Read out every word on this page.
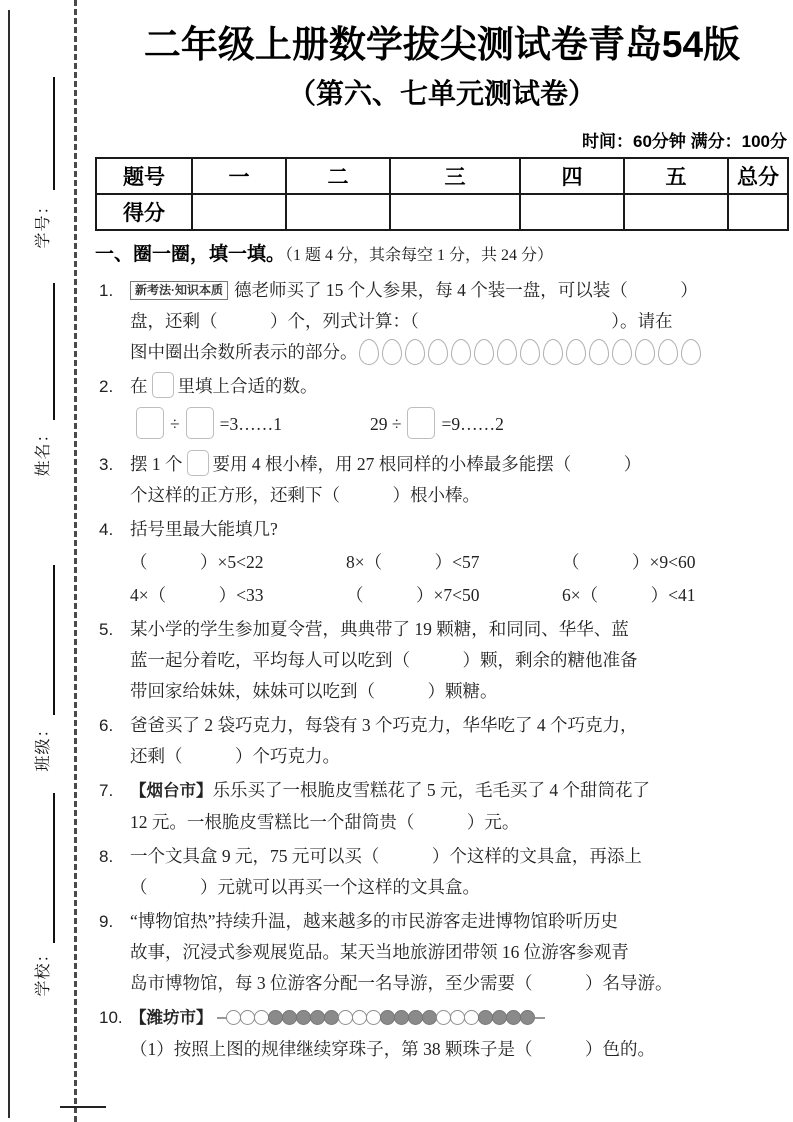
学号：
姓名：
班级：
学校：
二年级上册数学拔尖测试卷青岛54版
（第六、七单元测试卷）
时间：60分钟 满分：100分
题号	一	二	三	四	五	总分
得分						
一、圈一圈，填一填。（1 题 4 分，其余每空 1 分，共 24 分）
1. 新考法·知识本质 德老师买了 15 个人参果，每 4 个装一盘，可以装（　　　）
盘，还剩（　　　）个，列式计算：（　　　　　　　　　　　）。请在
图中圈出余数所表示的部分。
2. 在 里填上合适的数。
÷ =3……1	29 ÷ =9……2
3. 摆 1 个 要用 4 根小棒，用 27 根同样的小棒最多能摆（　　　）
个这样的正方形，还剩下（　　　）根小棒。
4. 括号里最大能填几?
（　　　）×5<22	8×（　　　）<57	（　　　）×9<60
4×（　　　）<33	（　　　）×7<50	6×（　　　）<41
5. 某小学的学生参加夏令营，典典带了 19 颗糖，和同同、华华、蓝
蓝一起分着吃，平均每人可以吃到（　　　）颗，剩余的糖他准备
带回家给妹妹，妹妹可以吃到（　　　）颗糖。
6. 爸爸买了 2 袋巧克力，每袋有 3 个巧克力，华华吃了 4 个巧克力，
还剩（　　　）个巧克力。
7. 【烟台市】乐乐买了一根脆皮雪糕花了 5 元，毛毛买了 4 个甜筒花了
12 元。一根脆皮雪糕比一个甜筒贵（　　　）元。
8. 一个文具盒 9 元，75 元可以买（　　　）个这样的文具盒，再添上
（　　　）元就可以再买一个这样的文具盒。
9. “博物馆热”持续升温，越来越多的市民游客走进博物馆聆听历史
故事，沉浸式参观展览品。某天当地旅游团带领 16 位游客参观青
岛市博物馆，每 3 位游客分配一名导游，至少需要（　　　）名导游。
10. 【潍坊市】
（1）按照上图的规律继续穿珠子，第 38 颗珠子是（　　　）色的。
